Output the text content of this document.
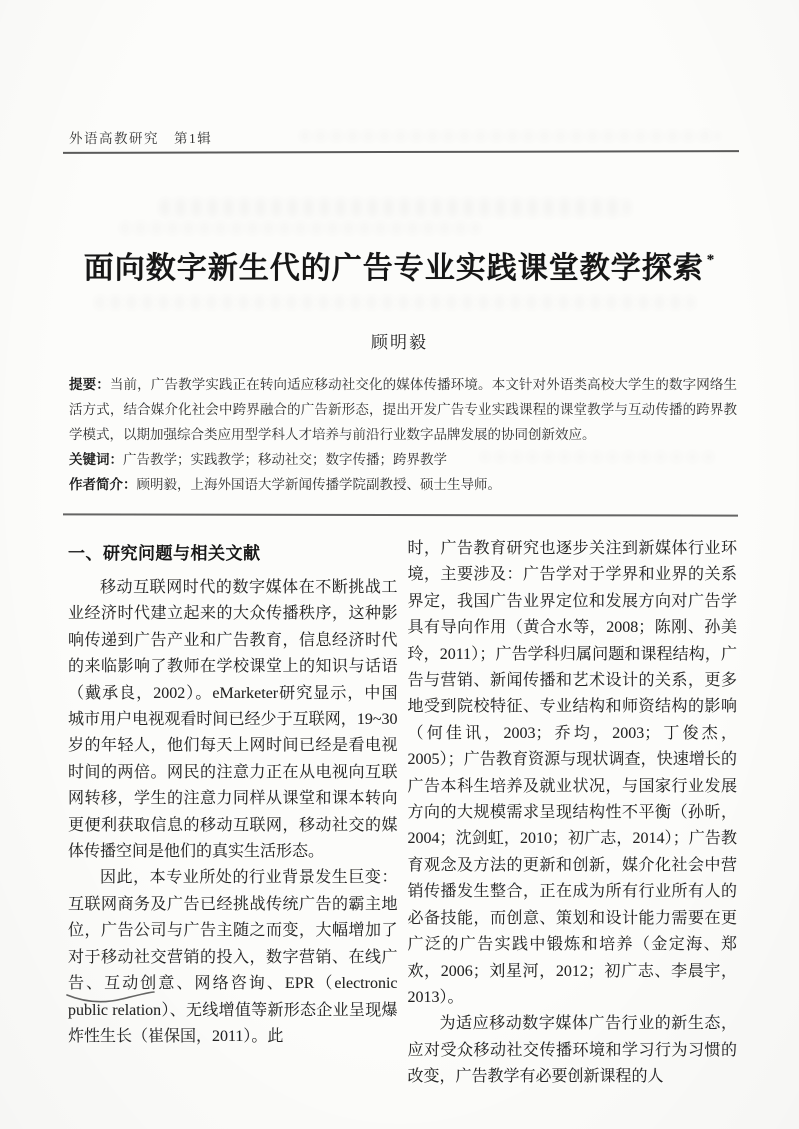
外语高教研究　第1辑
面向数字新生代的广告专业实践课堂教学探索 *
顾明毅

提要：当前，广告教学实践正在转向适应移动社交化的媒体传播环境。本文针对外语类高校大学生的数字网络生活方式，结合媒介化社会中跨界融合的广告新形态，提出开发广告专业实践课程的课堂教学与互动传播的跨界教学模式，以期加强综合类应用型学科人才培养与前沿行业数字品牌发展的协同创新效应。

关键词：广告教学；实践教学；移动社交；数字传播；跨界教学

作者简介：顾明毅，上海外国语大学新闻传播学院副教授、硕士生导师。

一、研究问题与相关文献

移动互联网时代的数字媒体在不断挑战工业经济时代建立起来的大众传播秩序，这种影响传递到广告产业和广告教育，信息经济时代的来临影响了教师在学校课堂上的知识与话语（戴承良，2002）。eMarketer研究显示，中国城市用户电视观看时间已经少于互联网，19~30岁的年轻人，他们每天上网时间已经是看电视时间的两倍。网民的注意力正在从电视向互联网转移，学生的注意力同样从课堂和课本转向更便利获取信息的移动互联网，移动社交的媒体传播空间是他们的真实生活形态。

因此，本专业所处的行业背景发生巨变：互联网商务及广告已经挑战传统广告的霸主地位，广告公司与广告主随之而变，大幅增加了对于移动社交营销的投入，数字营销、在线广告、互动创意、网络咨询、EPR（electronic public relation）、无线增值等新形态企业呈现爆炸性生长（崔保国，2011）。此

时，广告教育研究也逐步关注到新媒体行业环境，主要涉及：广告学对于学界和业界的关系界定，我国广告业界定位和发展方向对广告学具有导向作用（黄合水等，2008；陈刚、孙美玲，2011）；广告学科归属问题和课程结构，广告与营销、新闻传播和艺术设计的关系，更多地受到院校特征、专业结构和师资结构的影响（何佳讯，2003；乔均，2003；丁俊杰，2005）；广告教育资源与现状调查，快速增长的广告本科生培养及就业状况，与国家行业发展方向的大规模需求呈现结构性不平衡（孙昕，2004；沈剑虹，2010；初广志，2014）；广告教育观念及方法的更新和创新，媒介化社会中营销传播发生整合，正在成为所有行业所有人的必备技能，而创意、策划和设计能力需要在更广泛的广告实践中锻炼和培养（金定海、郑欢，2006；刘星河，2012；初广志、李晨宇，2013）。

为适应移动数字媒体广告行业的新生态，应对受众移动社交传播环境和学习行为习惯的改变，广告教学有必要创新课程的人
